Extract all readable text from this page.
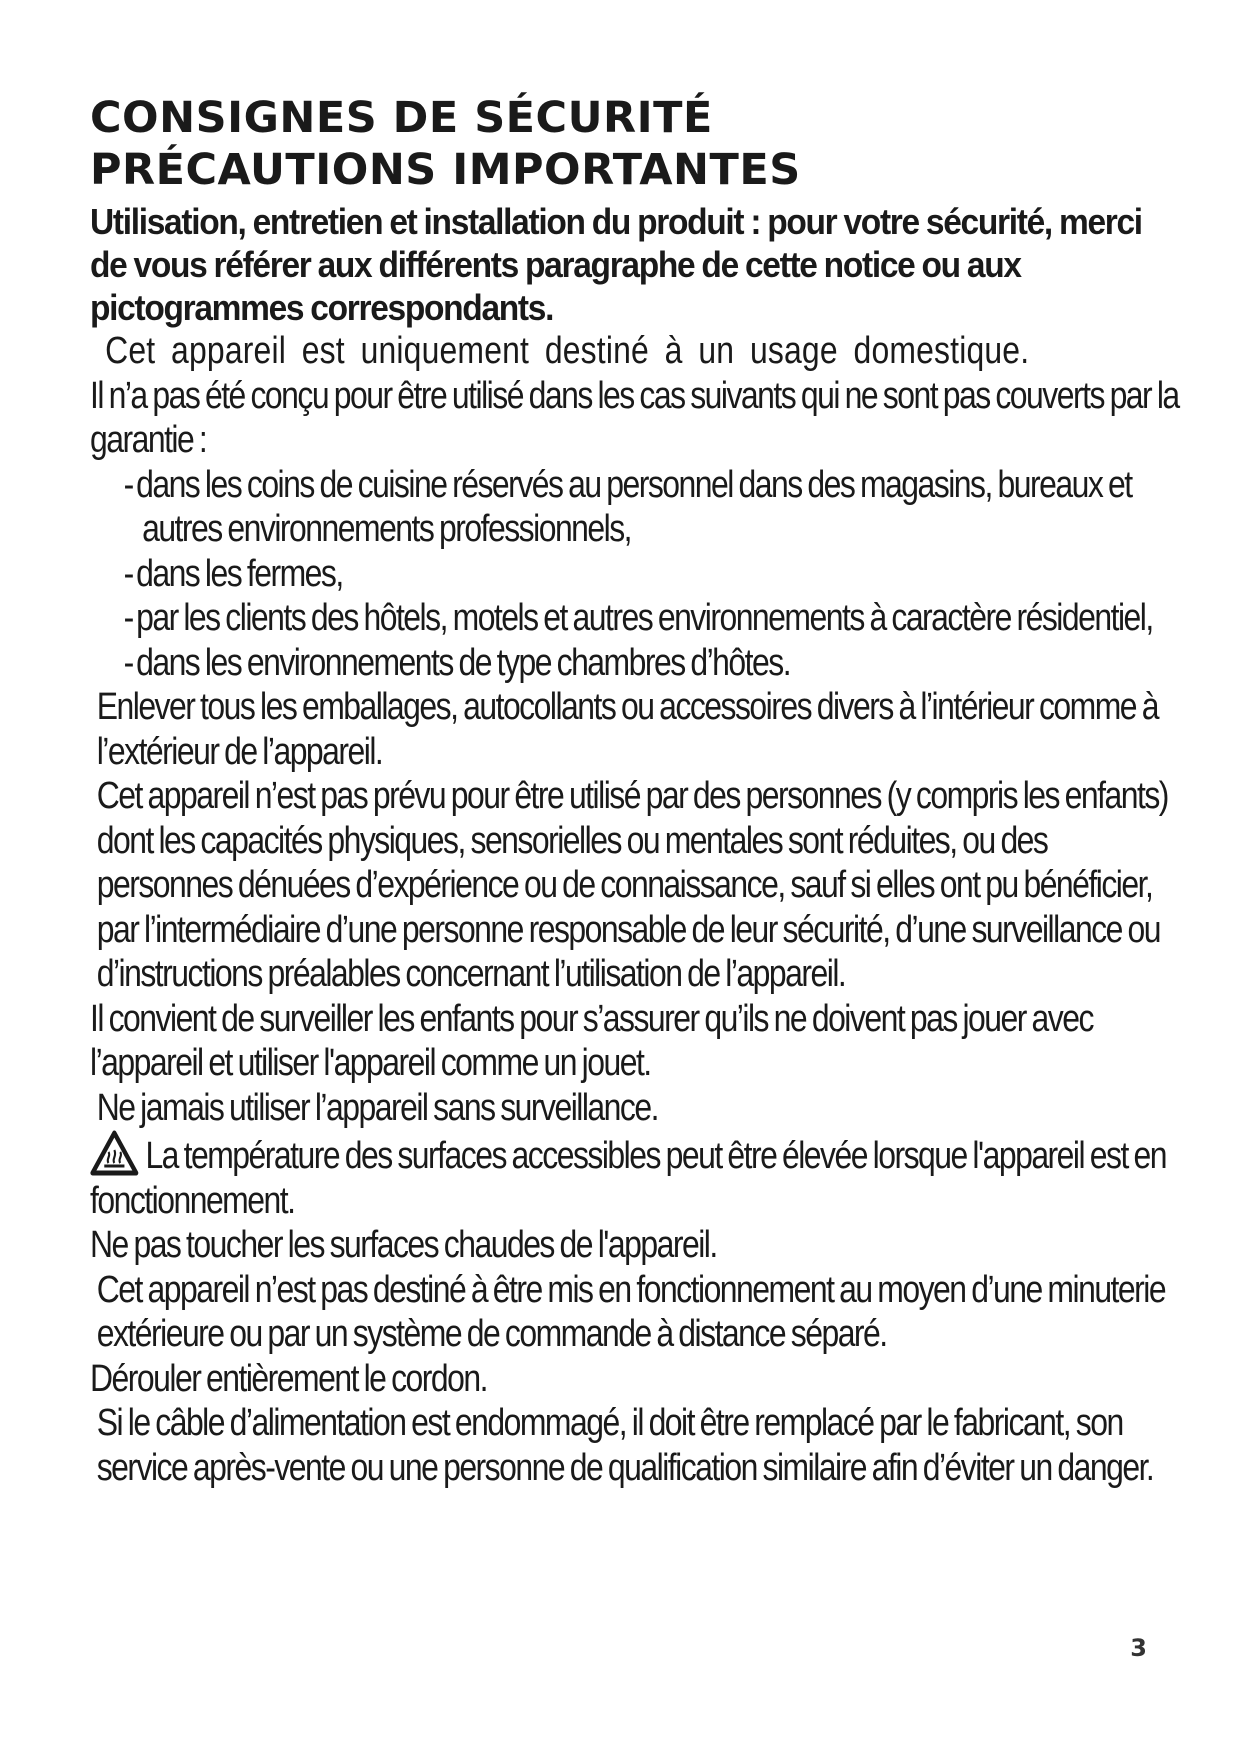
CONSIGNES DE SÉCURITÉ
PRÉCAUTIONS IMPORTANTES

Utilisation, entretien et installation du produit : pour votre sécurité, merci de vous référer aux différents paragraphe de cette notice ou aux pictogrammes correspondants.

Cet appareil est uniquement destiné à un usage domestique.
Il n’a pas été conçu pour être utilisé dans les cas suivants qui ne sont pas couverts par la garantie :

-dans les coins de cuisine réservés au personnel dans des magasins, bureaux et autres environnements professionnels,
-dans les fermes,
-par les clients des hôtels, motels et autres environnements à caractère résidentiel,
-dans les environnements de type chambres d’hôtes.

Enlever tous les emballages, autocollants ou accessoires divers à l’intérieur comme à l’extérieur de l’appareil.

Cet appareil n’est pas prévu pour être utilisé par des personnes (y compris les enfants) dont les capacités physiques, sensorielles ou mentales sont réduites, ou des personnes dénuées d’expérience ou de connaissance, sauf si elles ont pu bénéficier, par l’intermédiaire d’une personne responsable de leur sécurité, d’une surveillance ou d’instructions préalables concernant l’utilisation de l’appareil.

Il convient de surveiller les enfants pour s’assurer qu’ils ne doivent pas jouer avec l’appareil et utiliser l'appareil comme un jouet.

Ne jamais utiliser l’appareil sans surveillance.

La température des surfaces accessibles peut être élevée lorsque l'appareil est en fonctionnement.

Ne pas toucher les surfaces chaudes de l'appareil.

Cet appareil n’est pas destiné à être mis en fonctionnement au moyen d’une minuterie extérieure ou par un système de commande à distance séparé.

Dérouler entièrement le cordon.

Si le câble d’alimentation est endommagé, il doit être remplacé par le fabricant, son service après-vente ou une personne de qualification similaire afin d’éviter un danger.

3
